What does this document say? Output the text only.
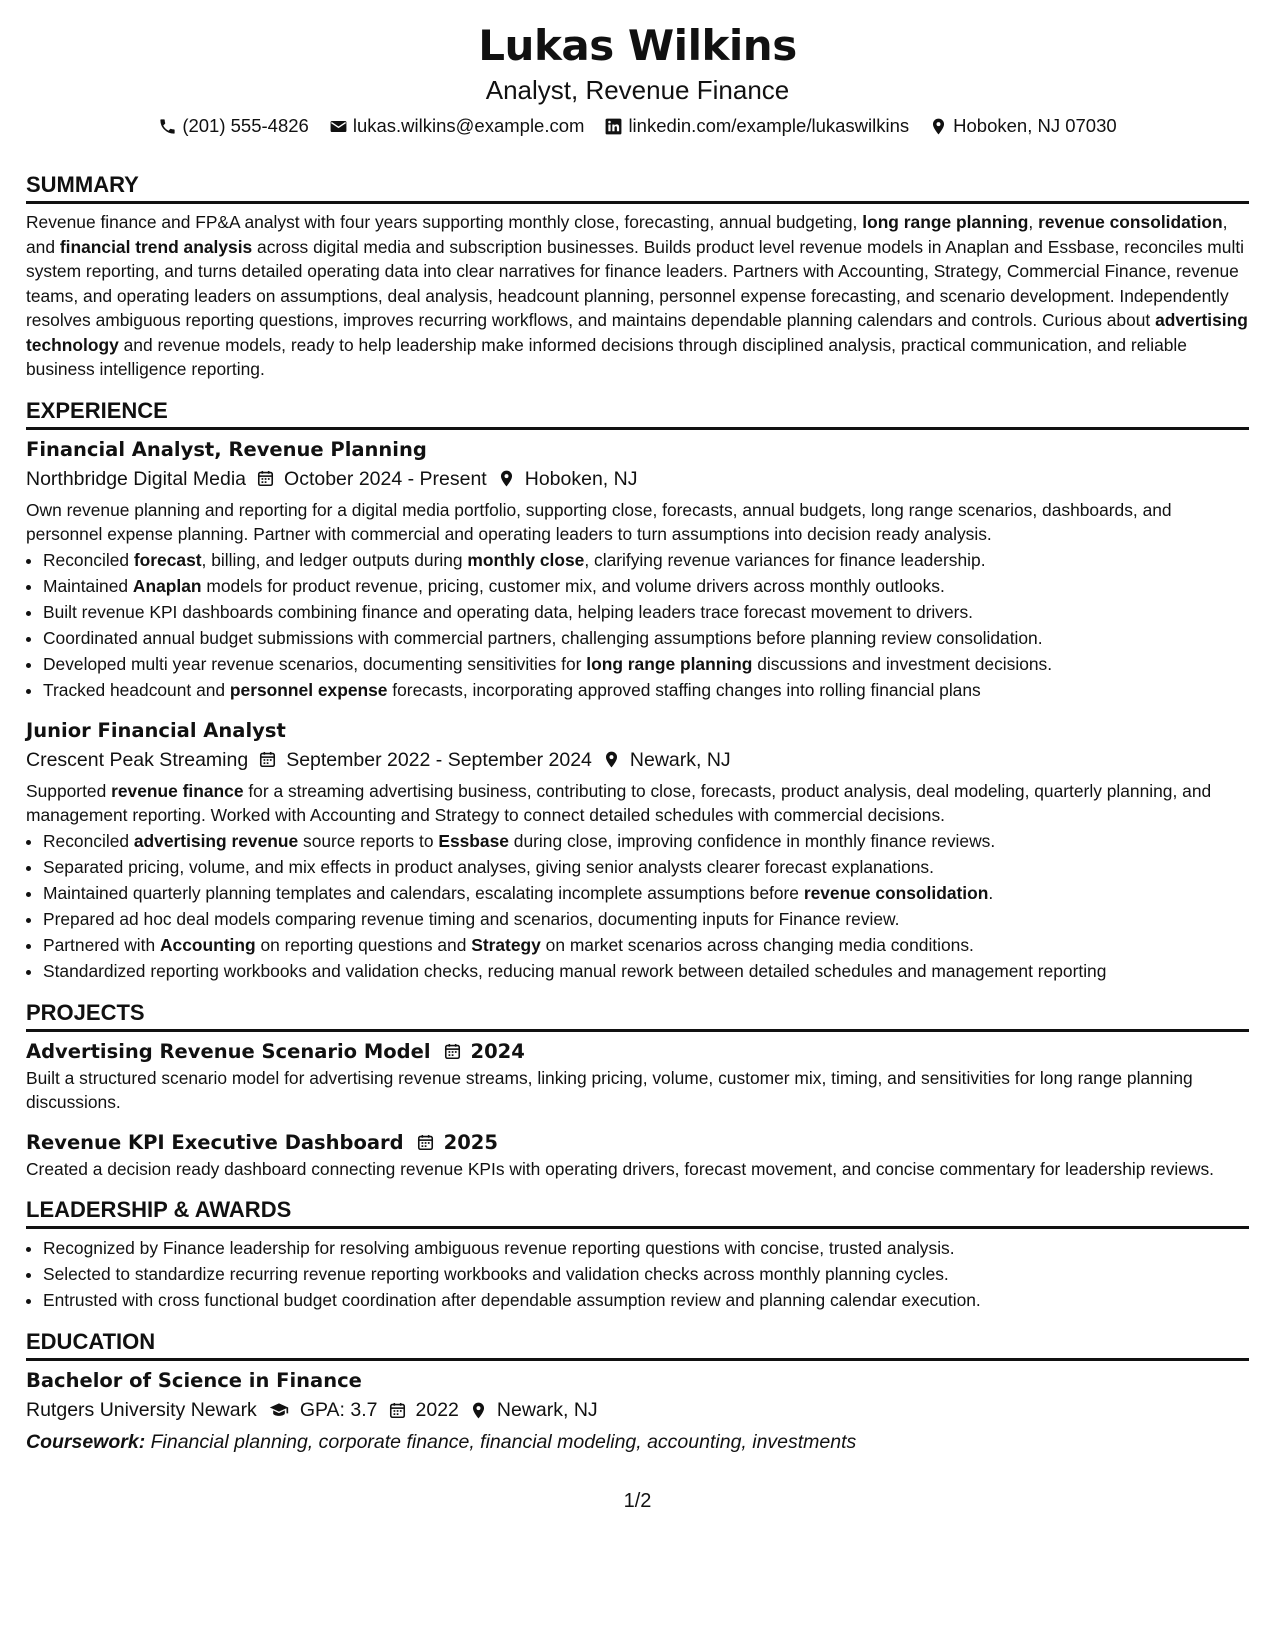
Lukas Wilkins
Analyst, Revenue Finance
(201) 555-4826 lukas.wilkins@example.com linkedin.com/example/lukaswilkins Hoboken, NJ 07030
SUMMARY

Revenue finance and FP&A analyst with four years supporting monthly close, forecasting, annual budgeting, long range planning, revenue consolidation, and financial trend analysis across digital media and subscription businesses. Builds product level revenue models in Anaplan and Essbase, reconciles multi system reporting, and turns detailed operating data into clear narratives for finance leaders. Partners with Accounting, Strategy, Commercial Finance, revenue teams, and operating leaders on assumptions, deal analysis, headcount planning, personnel expense forecasting, and scenario development. Independently resolves ambiguous reporting questions, improves recurring workflows, and maintains dependable planning calendars and controls. Curious about advertising technology and revenue models, ready to help leadership make informed decisions through disciplined analysis, practical communication, and reliable business intelligence reporting.

EXPERIENCE
Financial Analyst, Revenue Planning
Northbridge Digital Media October 2024 - Present Hoboken, NJ

Own revenue planning and reporting for a digital media portfolio, supporting close, forecasts, annual budgets, long range scenarios, dashboards, and personnel expense planning. Partner with commercial and operating leaders to turn assumptions into decision ready analysis.

• Reconciled forecast, billing, and ledger outputs during monthly close, clarifying revenue variances for finance leadership.
• Maintained Anaplan models for product revenue, pricing, customer mix, and volume drivers across monthly outlooks.
• Built revenue KPI dashboards combining finance and operating data, helping leaders trace forecast movement to drivers.
• Coordinated annual budget submissions with commercial partners, challenging assumptions before planning review consolidation.
• Developed multi year revenue scenarios, documenting sensitivities for long range planning discussions and investment decisions.
• Tracked headcount and personnel expense forecasts, incorporating approved staffing changes into rolling financial plans
Junior Financial Analyst
Crescent Peak Streaming September 2022 - September 2024 Newark, NJ

Supported revenue finance for a streaming advertising business, contributing to close, forecasts, product analysis, deal modeling, quarterly planning, and management reporting. Worked with Accounting and Strategy to connect detailed schedules with commercial decisions.

• Reconciled advertising revenue source reports to Essbase during close, improving confidence in monthly finance reviews.
• Separated pricing, volume, and mix effects in product analyses, giving senior analysts clearer forecast explanations.
• Maintained quarterly planning templates and calendars, escalating incomplete assumptions before revenue consolidation.
• Prepared ad hoc deal models comparing revenue timing and scenarios, documenting inputs for Finance review.
• Partnered with Accounting on reporting questions and Strategy on market scenarios across changing media conditions.
• Standardized reporting workbooks and validation checks, reducing manual rework between detailed schedules and management reporting
PROJECTS
Advertising Revenue Scenario Model 2024

Built a structured scenario model for advertising revenue streams, linking pricing, volume, customer mix, timing, and sensitivities for long range planning discussions.

Revenue KPI Executive Dashboard 2025

Created a decision ready dashboard connecting revenue KPIs with operating drivers, forecast movement, and concise commentary for leadership reviews.

LEADERSHIP & AWARDS
• Recognized by Finance leadership for resolving ambiguous revenue reporting questions with concise, trusted analysis.
• Selected to standardize recurring revenue reporting workbooks and validation checks across monthly planning cycles.
• Entrusted with cross functional budget coordination after dependable assumption review and planning calendar execution.
EDUCATION
Bachelor of Science in Finance
Rutgers University Newark GPA: 3.7 2022 Newark, NJ
Coursework: Financial planning, corporate finance, financial modeling, accounting, investments
1/2
